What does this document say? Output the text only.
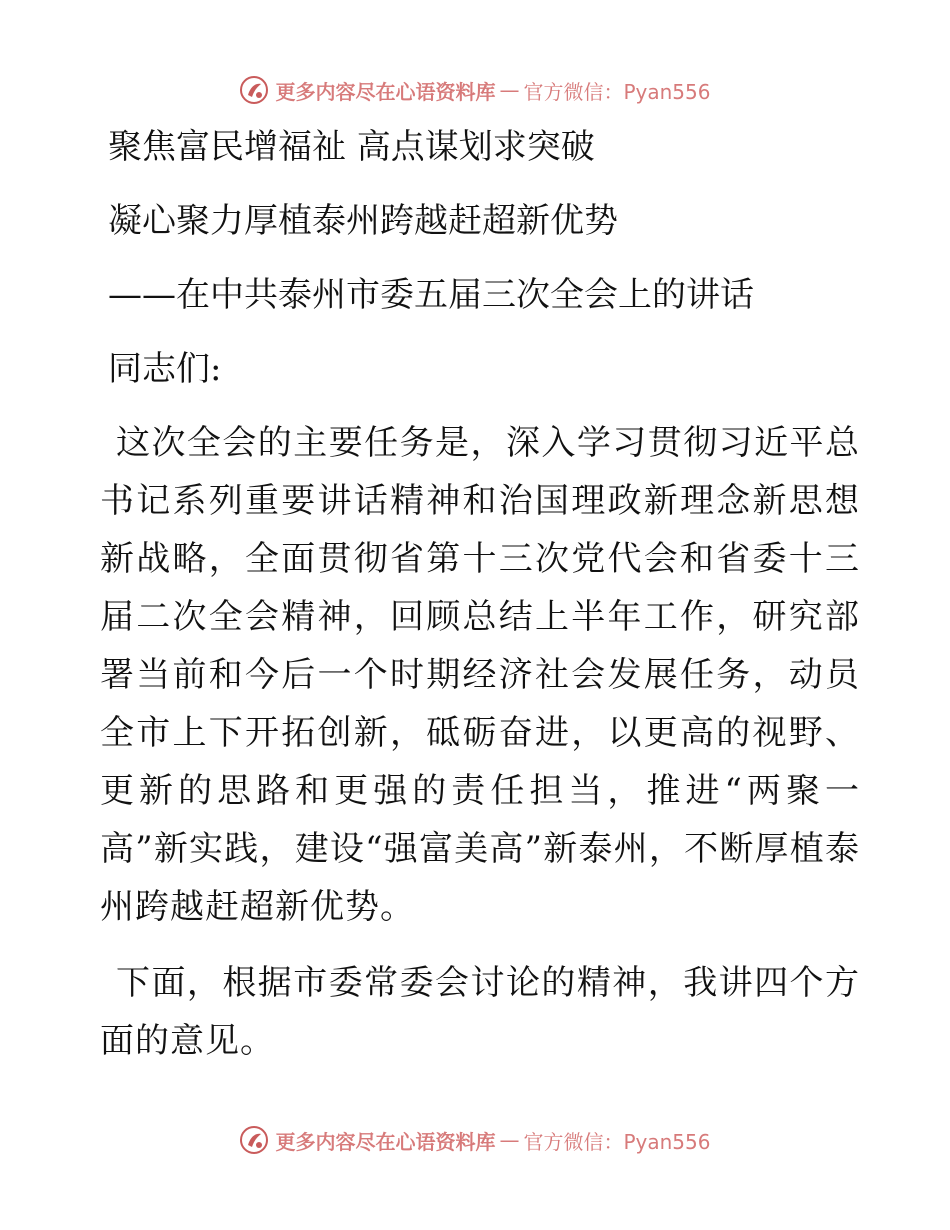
更多内容尽在心语资料库 — 官方微信：Pyan556
聚焦富民增福祉 高点谋划求突破
凝心聚力厚植泰州跨越赶超新优势
——在中共泰州市委五届三次全会上的讲话
同志们:

这次全会的主要任务是，深入学习贯彻习近平总书记系列重要讲话精神和治国理政新理念新思想新战略，全面贯彻省第十三次党代会和省委十三届二次全会精神，回顾总结上半年工作，研究部署当前和今后一个时期经济社会发展任务，动员全市上下开拓创新，砥砺奋进，以更高的视野、更新的思路和更强的责任担当，推进“两聚一高”新实践，建设“强富美高”新泰州，不断厚植泰州跨越赶超新优势。

下面，根据市委常委会讨论的精神，我讲四个方面的意见。

更多内容尽在心语资料库 — 官方微信：Pyan556
